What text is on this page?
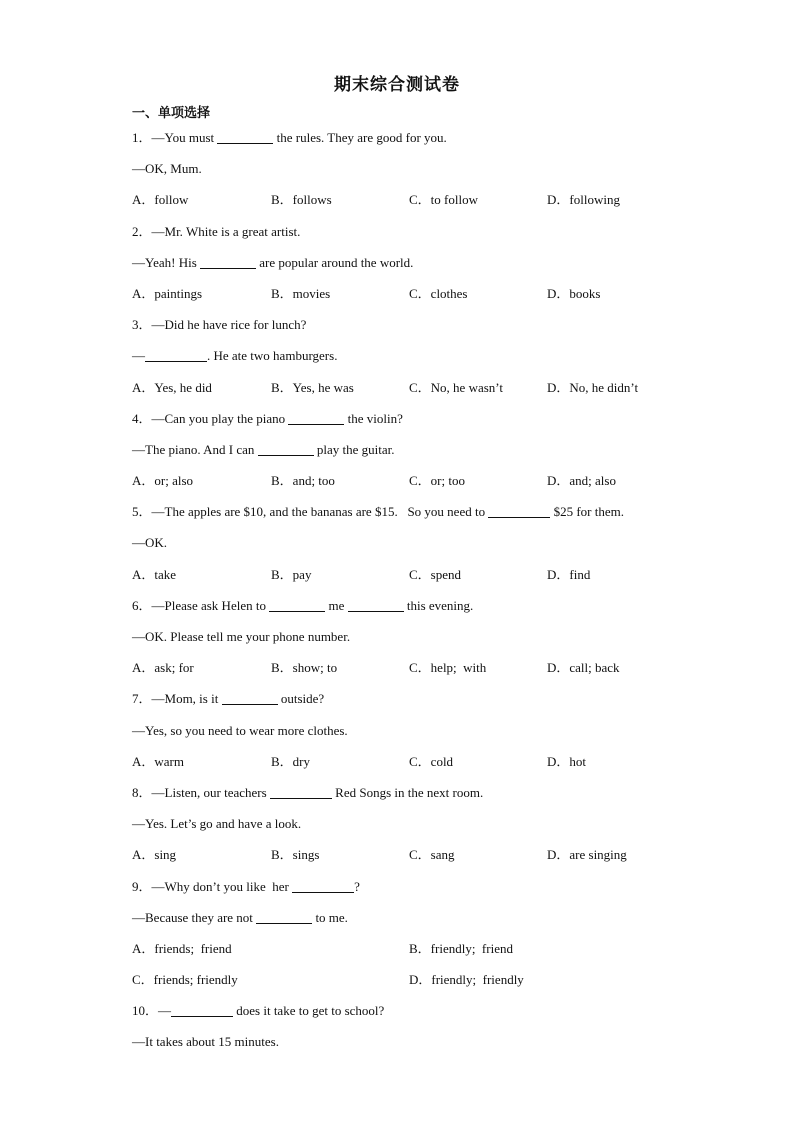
期末综合测试卷
一、单项选择
1．—You must	the rules. They are good for you.
—OK, Mum.
A．follow	B．follows	C．to follow	D．following
2．—Mr. White is a great artist.
—Yeah! His	are popular around the world.
A．paintings	B．movies	C．clothes	D．books
3．—Did he have rice for lunch?
—	. He ate two hamburgers.
A．Yes, he did	B．Yes, he was	C．No, he wasn’t	D．No, he didn’t
4．—Can you play the piano	the violin?
—The piano. And I can	play the guitar.
A．or; also	B．and; too	C．or; too	D．and; also
5．—The apples are $10, and the bananas are $15.   So you need to	$25 for them.
—OK.
A．take	B．pay	C．spend	D．find
6．—Please ask Helen to	me	this evening.
—OK. Please tell me your phone number.
A．ask; for	B．show; to	C．help;  with	D．call; back
7．—Mom, is it	outside?
—Yes, so you need to wear more clothes.
A．warm	B．dry	C．cold	D．hot
8．—Listen, our teachers	Red Songs in the next room.
—Yes. Let’s go and have a look.
A．sing	B．sings	C．sang	D．are singing
9．—Why don’t you like  her	?
—Because they are not	to me.
A．friends;  friend	B．friendly;  friend
C．friends; friendly	D．friendly;  friendly
10．—	does it take to get to school?
—It takes about 15 minutes.
